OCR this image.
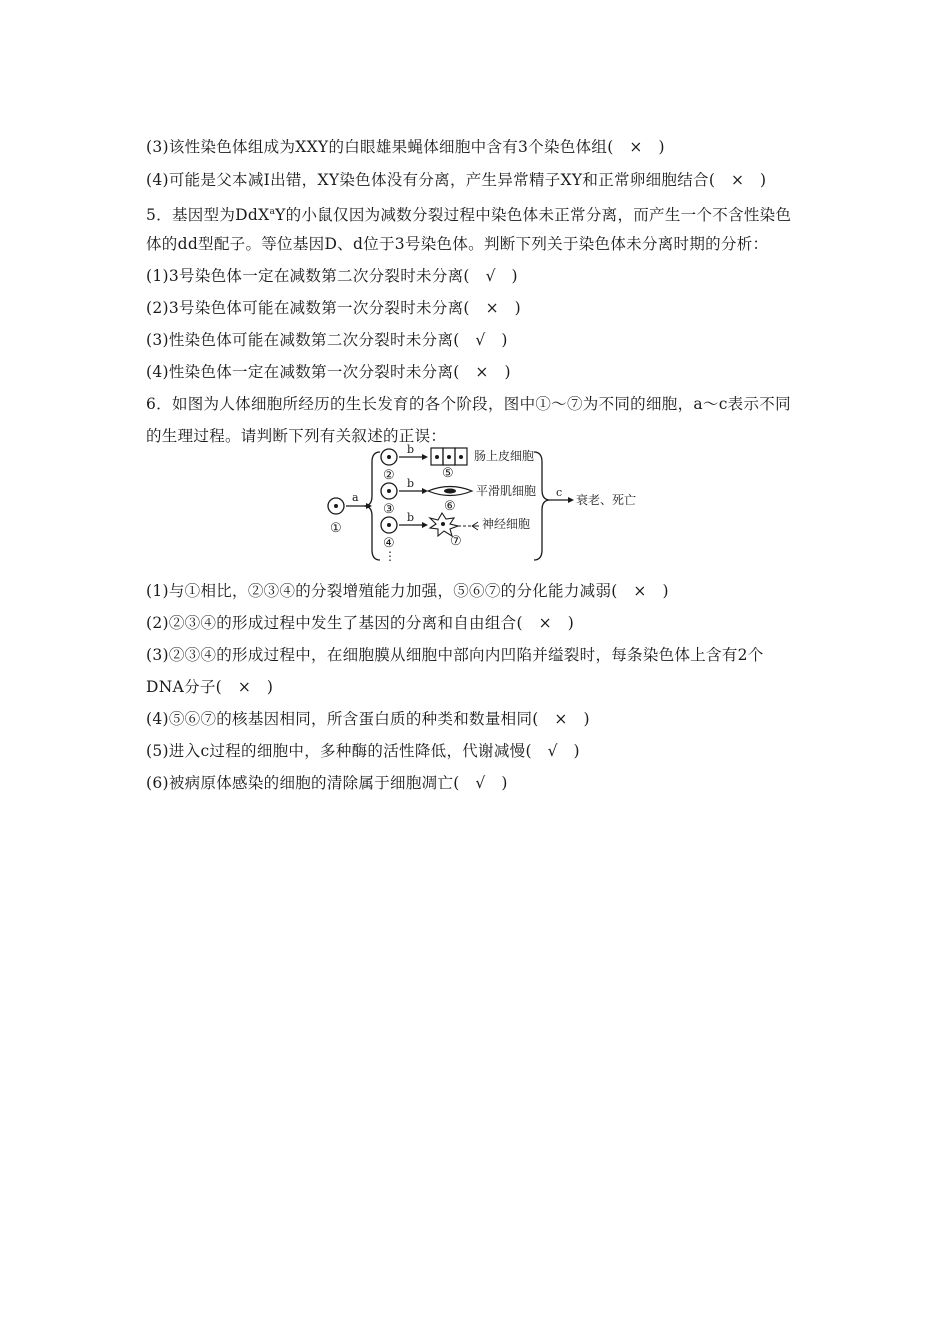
(3)该性染色体组成为XXY的白眼雄果蝇体细胞中含有3个染色体组(　×　)
(4)可能是父本减Ⅰ出错，XY染色体没有分离，产生异常精子XY和正常卵细胞结合(　×　)
5．基因型为DdX$^a$Y的小鼠仅因为减数分裂过程中染色体未正常分离，而产生一个不含性染色
体的dd型配子。等位基因D、d位于3号染色体。判断下列关于染色体未分离时期的分析：
(1)3号染色体一定在减数第二次分裂时未分离(　√　)
(2)3号染色体可能在减数第一次分裂时未分离(　×　)
(3)性染色体可能在减数第二次分裂时未分离(　√　)
(4)性染色体一定在减数第一次分裂时未分离(　×　)
6．如图为人体细胞所经历的生长发育的各个阶段，图中①～⑦为不同的细胞，a～c表示不同
的生理过程。请判断下列有关叙述的正误：
①
a
②
b
⑤
肠上皮细胞
③
b
⑥
平滑肌细胞
④
b
⑦
神经细胞
⋮
c
衰老、死亡
(1)与①相比，②③④的分裂增殖能力加强，⑤⑥⑦的分化能力减弱(　×　)
(2)②③④的形成过程中发生了基因的分离和自由组合(　×　)
(3)②③④的形成过程中，在细胞膜从细胞中部向内凹陷并缢裂时，每条染色体上含有2个
DNA分子(　×　)
(4)⑤⑥⑦的核基因相同，所含蛋白质的种类和数量相同(　×　)
(5)进入c过程的细胞中，多种酶的活性降低，代谢减慢(　√　)
(6)被病原体感染的细胞的清除属于细胞凋亡(　√　)
